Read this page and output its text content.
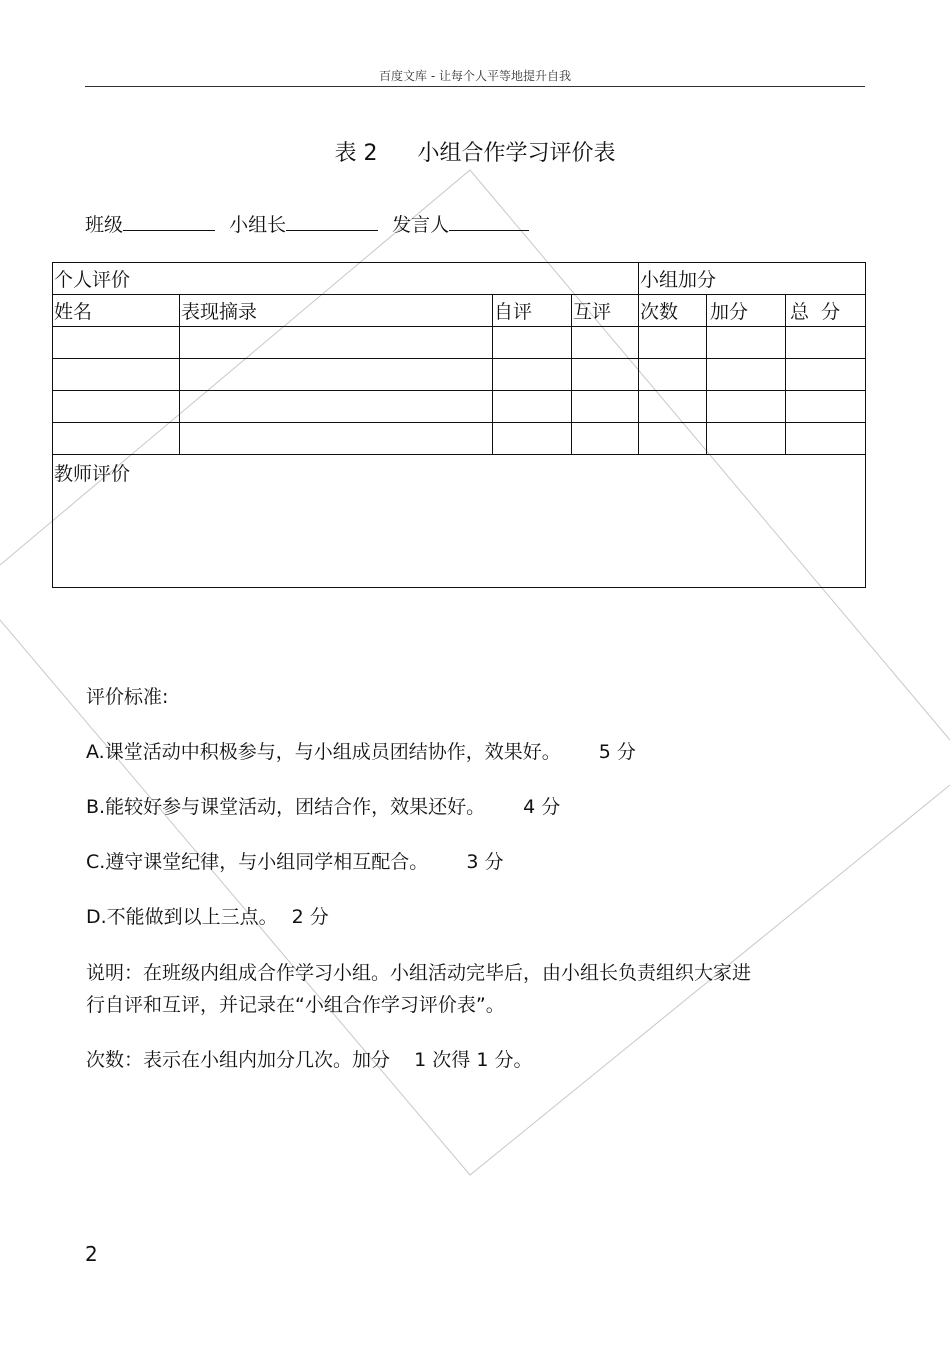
百度文库 - 让每个人平等地提升自我
表 2 小组合作学习评价表
班级	小组长	发言人
个人评价				小组加分		
姓名	表现摘录	自评	互评	次数	加分	总  分

教师评价						
评价标准:
A.课堂活动中积极参与，与小组成员团结协作，效果好。 5 分
B.能较好参与课堂活动，团结合作，效果还好。 4 分
C.遵守课堂纪律，与小组同学相互配合。 3 分
D.不能做到以上三点。 2 分
说明：在班级内组成合作学习小组。小组活动完毕后，由小组长负责组织大家进
行自评和互评，并记录在“小组合作学习评价表”。
次数：表示在小组内加分几次。加分    1 次得 1 分。
2
